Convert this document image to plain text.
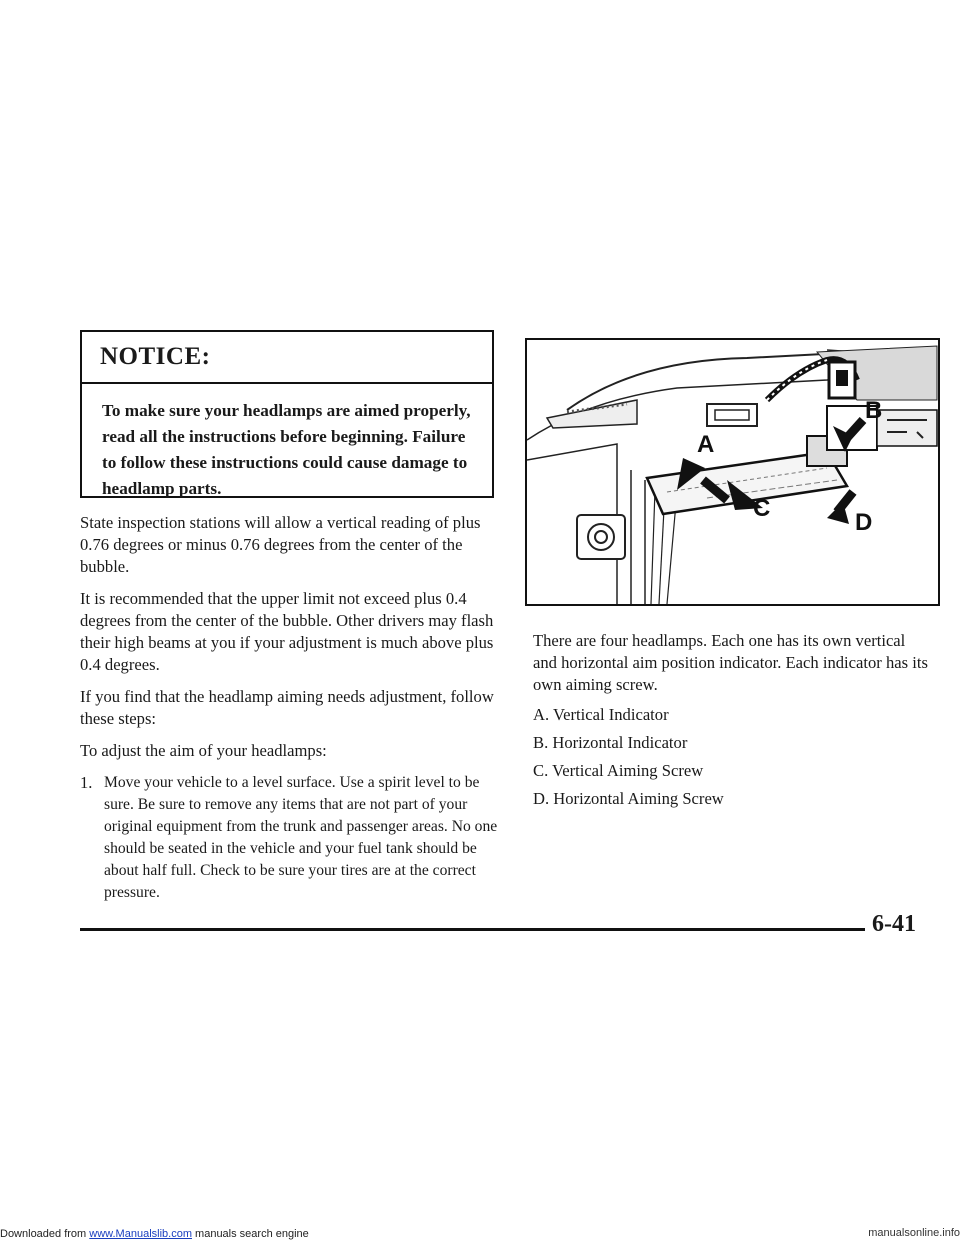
NOTICE:
To make sure your headlamps are aimed properly, read all the instructions before beginning. Failure to follow these instructions could cause damage to headlamp parts.

State inspection stations will allow a vertical reading of plus 0.76 degrees or minus 0.76 degrees from the center of the bubble.

It is recommended that the upper limit not exceed plus 0.4 degrees from the center of the bubble. Other drivers may flash their high beams at you if your adjustment is much above plus 0.4 degrees.

If you find that the headlamp aiming needs adjustment, follow these steps:

To adjust the aim of your headlamps:

1. Move your vehicle to a level surface. Use a spirit level to be sure. Be sure to remove any items that are not part of your original equipment from the trunk and passenger areas. No one should be seated in the vehicle and your fuel tank should be about half full. Check to be sure your tires are at the correct pressure.
A
B
C
D

There are four headlamps. Each one has its own vertical and horizontal aim position indicator. Each indicator has its own aiming screw.

A. Vertical Indicator
B. Horizontal Indicator
C. Vertical Aiming Screw
D. Horizontal Aiming Screw
6-41
Downloaded from www.Manualslib.com manuals search engine	manualsonline.info
